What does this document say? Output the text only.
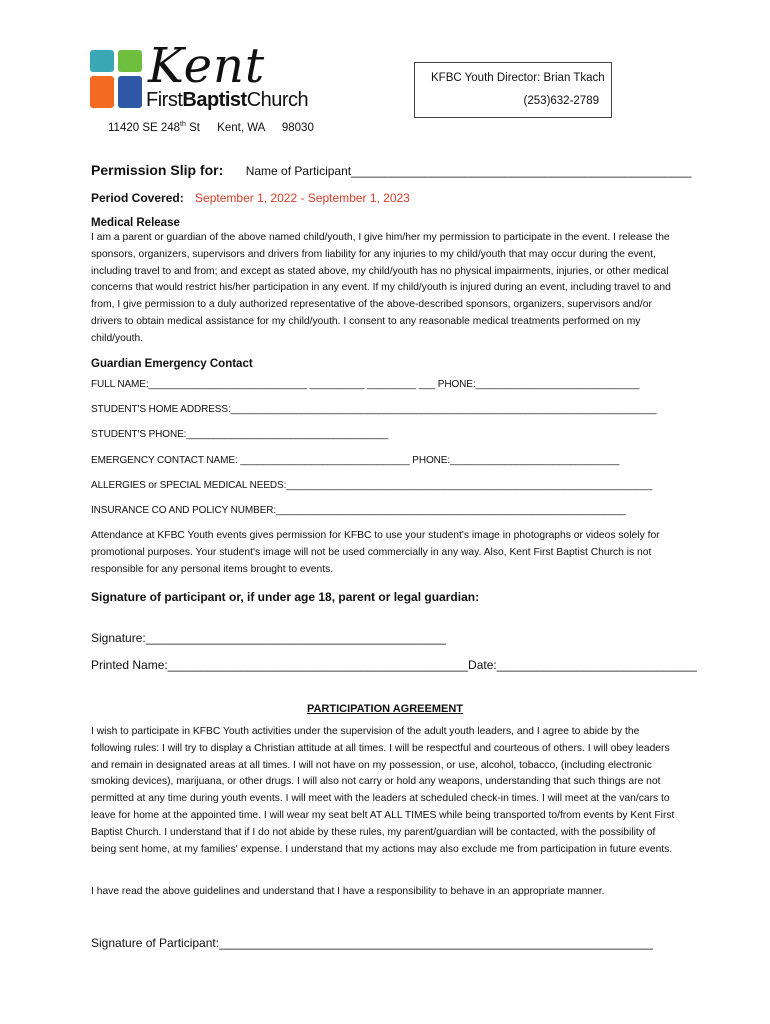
Kent
FirstBaptistChurch
KFBC Youth Director: Brian Tkach
(253)632-2789
11420 SE 248th St Kent, WA 98030
Permission Slip for: Name of Participant___________________________________________________
Period Covered: September 1, 2022 - September 1, 2023
Medical Release
I am a parent or guardian of the above named child/youth, I give him/her my permission to participate in the event. I release the sponsors, organizers, supervisors and drivers from liability for any injuries to my child/youth that may occur during the event, including travel to and from; and except as stated above, my child/youth has no physical impairments, injuries, or other medical concerns that would restrict his/her participation in any event. If my child/youth is injured during an event, including travel to and from, I give permission to a duly authorized representative of the above-described sponsors, organizers, supervisors and/or drivers to obtain medical assistance for my child/youth. I consent to any reasonable medical treatments performed on my child/youth.
Guardian Emergency Contact
FULL NAME:_____________________________ __________ _________ ___ PHONE:______________________________
STUDENT'S HOME ADDRESS:______________________________________________________________________________
STUDENT'S PHONE:_____________________________________
EMERGENCY CONTACT NAME: _______________________________ PHONE:_______________________________
ALLERGIES or SPECIAL MEDICAL NEEDS:___________________________________________________________________
INSURANCE CO AND POLICY NUMBER:________________________________________________________________
Attendance at KFBC Youth events gives permission for KFBC to use your student's image in photographs or videos solely for promotional purposes. Your student's image will not be used commercially in any way. Also, Kent First Baptist Church is not responsible for any personal items brought to events.
Signature of participant or, if under age 18, parent or legal guardian:
Signature:_____________________________________________
Printed Name:_____________________________________________Date:______________________________
PARTICIPATION AGREEMENT
I wish to participate in KFBC Youth activities under the supervision of the adult youth leaders, and I agree to abide by the following rules: I will try to display a Christian attitude at all times. I will be respectful and courteous of others. I will obey leaders and remain in designated areas at all times. I will not have on my possession, or use, alcohol, tobacco, (including electronic smoking devices), marijuana, or other drugs. I will also not carry or hold any weapons, understanding that such things are not permitted at any time during youth events. I will meet with the leaders at scheduled check-in times. I will meet at the van/cars to leave for home at the appointed time. I will wear my seat belt AT ALL TIMES while being transported to/from events by Kent First Baptist Church. I understand that if I do not abide by these rules, my parent/guardian will be contacted, with the possibility of being sent home, at my families' expense. I understand that my actions may also exclude me from participation in future events.
I have read the above guidelines and understand that I have a responsibility to behave in an appropriate manner.
Signature of Participant:_________________________________________________________________
